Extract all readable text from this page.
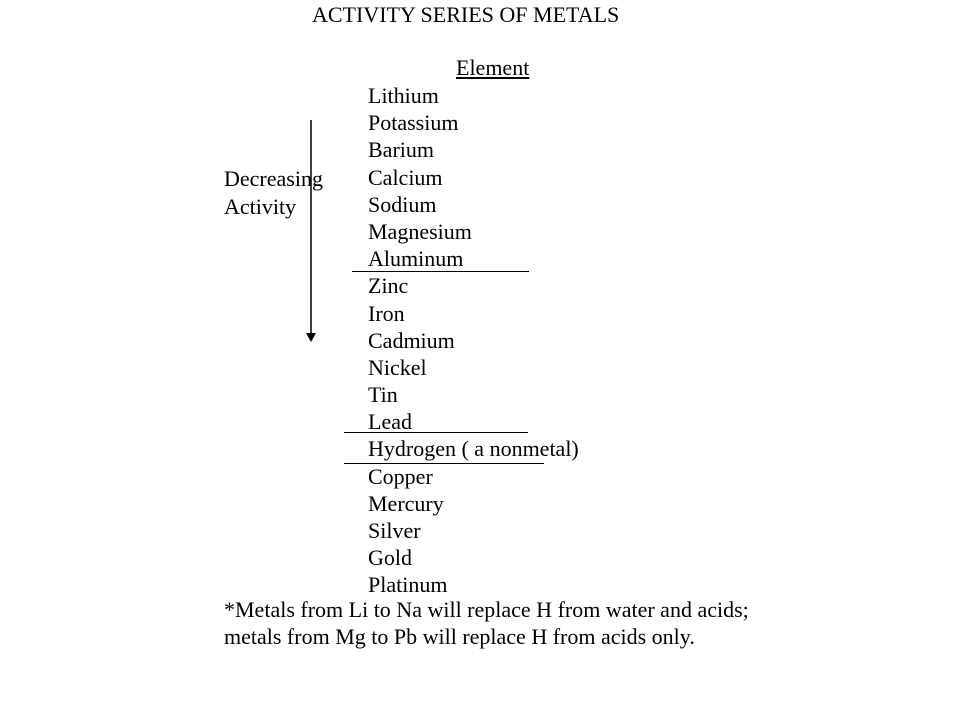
ACTIVITY SERIES OF METALS
Element
Decreasing
Activity
Lithium
Potassium
Barium
Calcium
Sodium
Magnesium
Aluminum
Zinc
Iron
Cadmium
Nickel
Tin
Lead
Hydrogen ( a nonmetal)
Copper
Mercury
Silver
Gold
Platinum
*Metals from Li to Na will replace H from water and acids; metals from Mg to Pb will replace H from acids only.
